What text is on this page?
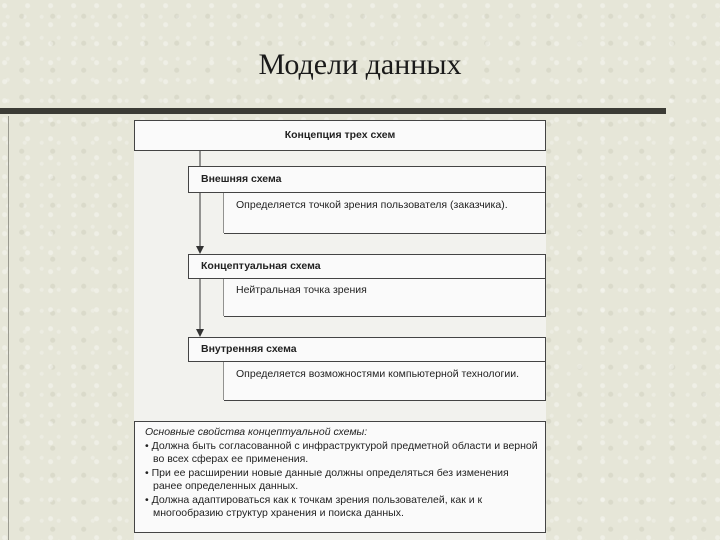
Модели данных
Концепция трех схем
Внешняя схема
Определяется точкой зрения пользователя (заказчика).
Концептуальная схема
Нейтральная точка зрения
Внутренняя схема
Определяется возможностями компьютерной технологии.
Основные свойства концептуальной схемы:
• Должна быть согласованной с инфраструктурой предметной области и верной во всех сферах ее применения.
• При ее расширении новые данные должны определяться без изменения ранее определенных данных.
• Должна адаптироваться как к точкам зрения пользователей, как и к многообразию структур хранения и поиска данных.
